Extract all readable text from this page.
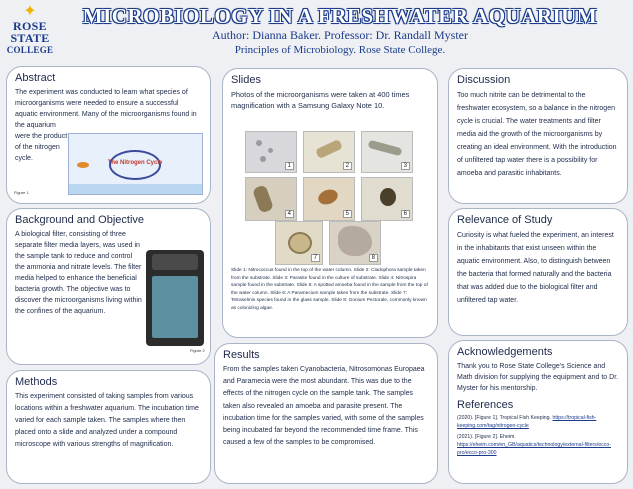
✦
ROSE
STATE
COLLEGE
MICROBIOLOGY IN A FRESHWATER AQUARIUM
Author: Dianna Baker. Professor: Dr. Randall Myster
Principles of Microbiology. Rose State College.
Abstract

The experiment was conducted to learn what species of microorganisms were needed to ensure a successful aquatic environment. Many of the microorganisms found in the aquarium

were the product of the nitrogen cycle.

The Nitrogen Cycle
Figure 1
Background and Objective

A biological filter, consisting of three separate filter media layers, was used in the sample tank to reduce and control the ammonia and nitrate levels. The filter media helped to enhance the beneficial bacteria growth. The objective was to discover the microorganisms living within the confines of the aquarium.

Figure 2
Methods

This experiment consisted of taking samples from various locations within a freshwater aquarium. The incubation time varied for each sample taken. The samples where then placed onto a slide and analyzed under a compound microscope with various strengths of magnification.

Slides

Photos of the microorganisms were taken at 400 times magnification with a Samsung Galaxy Note 10.

1	2	3
4	5	6
7	8
Slide 1: Nitrococcus found in the top of the water column. Slide 2: Cladophora sample taken from the substrate. Slide 3: Parasite found in the culture of substrate. Slide 4: Nitrospira sample found in the substrate. Slide 5: A spotted amoeba found in the sample from the top of the water column. Slide 6: A Paramecium sample taken from the substrate. Slide 7: Tetraselmis species found in the glass sample. Slide 8: Gonium Pectorale, commonly known as colonizing algae.
Results

From the samples taken Cyanobacteria, Nitrosomonas Europaea and Paramecia were the most abundant. This was due to the effects of the nitrogen cycle on the sample tank. The samples taken also revealed an amoeba and parasite present. The incubation time for the samples varied, with some of the samples being incubated far beyond the recommended time frame. This caused a few of the samples to be compromised.

Discussion

Too much nitrite can be detrimental to the freshwater ecosystem, so a balance in the nitrogen cycle is crucial. The water treatments and filter media aid the growth of the microorganisms by creating an ideal environment. With the introduction of unfiltered tap water there is a possibility for amoeba and parasitic inhabitants.

Relevance of Study

Curiosity is what fueled the experiment, an interest in the inhabitants that exist unseen within the aquatic environment. Also, to distinguish between the bacteria that formed naturally and the bacteria that was added due to the biological filter and unfiltered tap water.

Acknowledgements

Thank you to Rose State College’s Science and Math division for supplying the equipment and to Dr. Myster for his mentorship.

References
(2020). [Figure 1]. Tropical Fish Keeping. https://tropical-fish-keeping.com/tag/nitrogen-cycle
(2021). [Figure 2]. Eheim. https://eheim.com/en_GB/aquatics/technology/external-filters/ecco-pro/ecco-pro-300
